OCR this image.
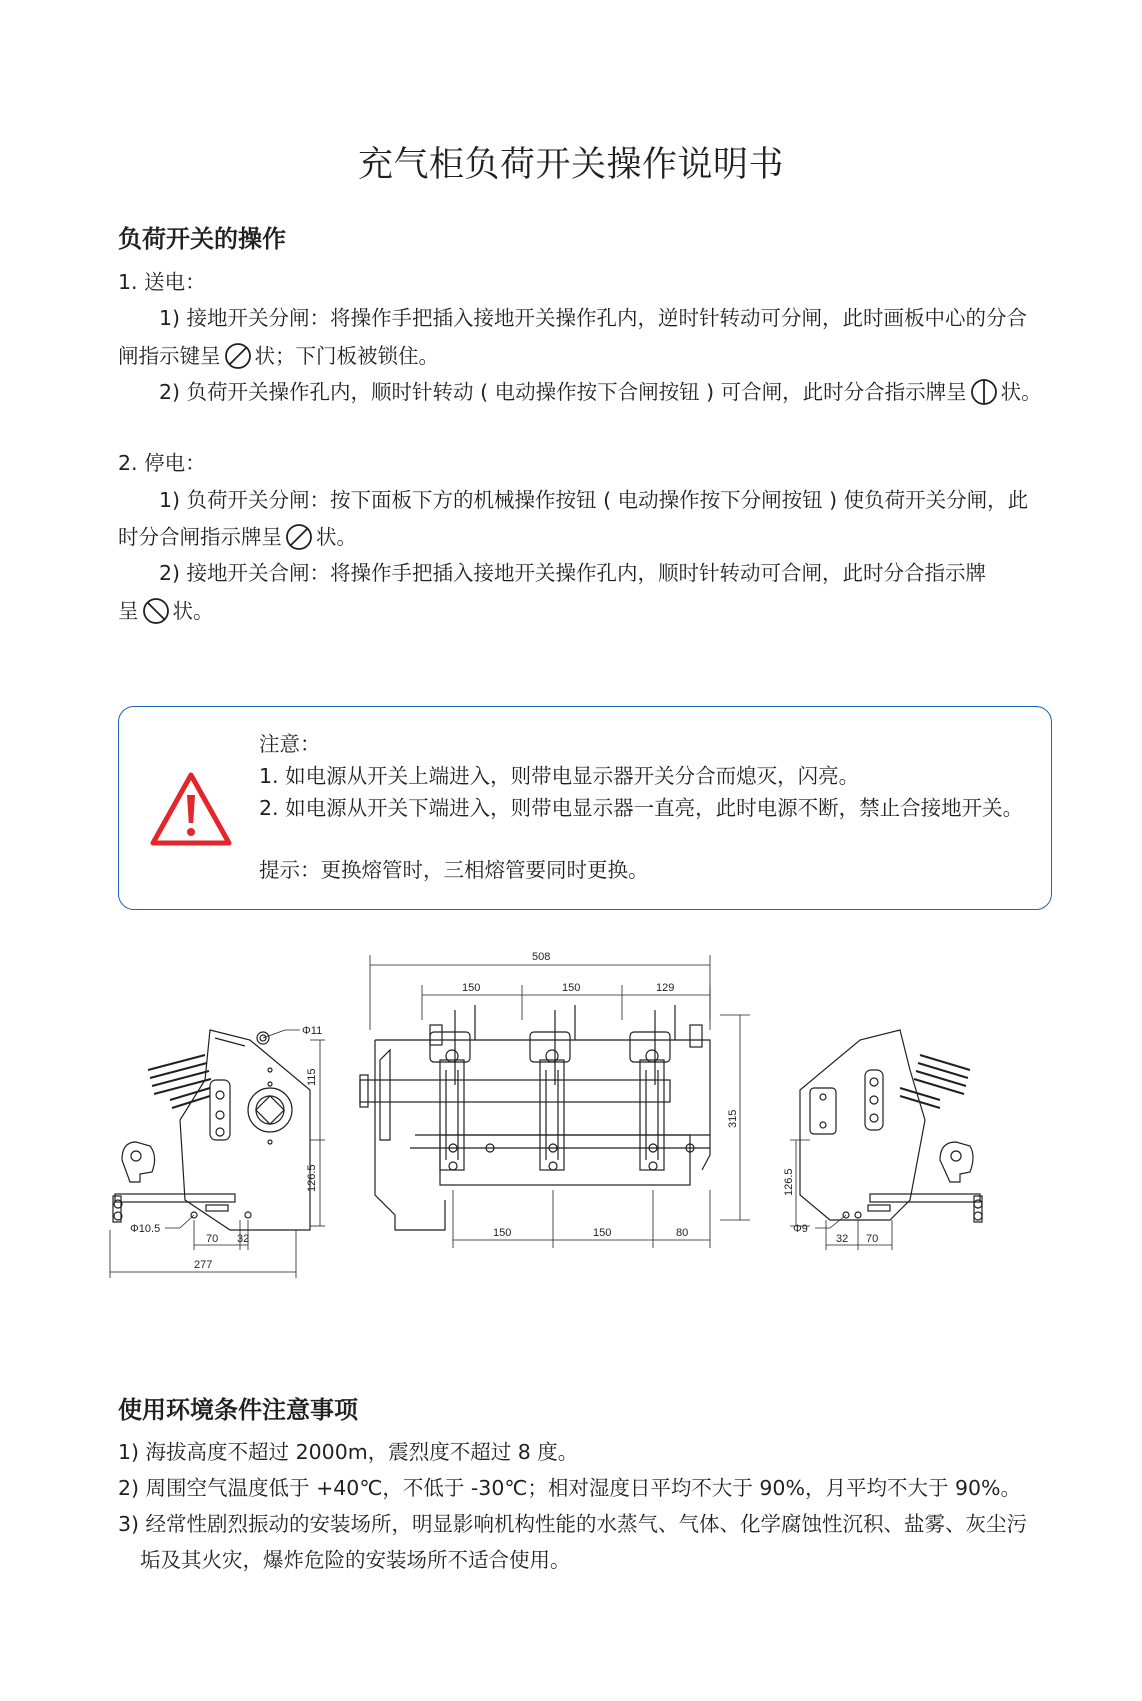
充气柜负荷开关操作说明书
负荷开关的操作
1. 送电：
1) 接地开关分闸：将操作手把插入接地开关操作孔内，逆时针转动可分闸，此时画板中心的分合
闸指示键呈 状；下门板被锁住。
2) 负荷开关操作孔内，顺时针转动 ( 电动操作按下合闸按钮 ) 可合闸，此时分合指示牌呈 状。
2. 停电：
1) 负荷开关分闸：按下面板下方的机械操作按钮 ( 电动操作按下分闸按钮 ) 使负荷开关分闸，此
时分合闸指示牌呈 状。
2) 接地开关合闸：将操作手把插入接地开关操作孔内，顺时针转动可合闸，此时分合指示牌
呈 状。
注意：
1. 如电源从开关上端进入，则带电显示器开关分合而熄灭，闪亮。
2. 如电源从开关下端进入，则带电显示器一直亮，此时电源不断，禁止合接地开关。
提示：更换熔管时，三相熔管要同时更换。
Φ11
115
126.5
Φ10.5
70 32
277
508
150	150	129
315
150	150	80
126.5
Φ9
32 70
使用环境条件注意事项
1) 海拔高度不超过 2000m，震烈度不超过 8 度。
2) 周围空气温度低于 +40℃，不低于 -30℃；相对湿度日平均不大于 90%，月平均不大于 90%。
3) 经常性剧烈振动的安装场所，明显影响机构性能的水蒸气、气体、化学腐蚀性沉积、盐雾、灰尘污
垢及其火灾，爆炸危险的安装场所不适合使用。
